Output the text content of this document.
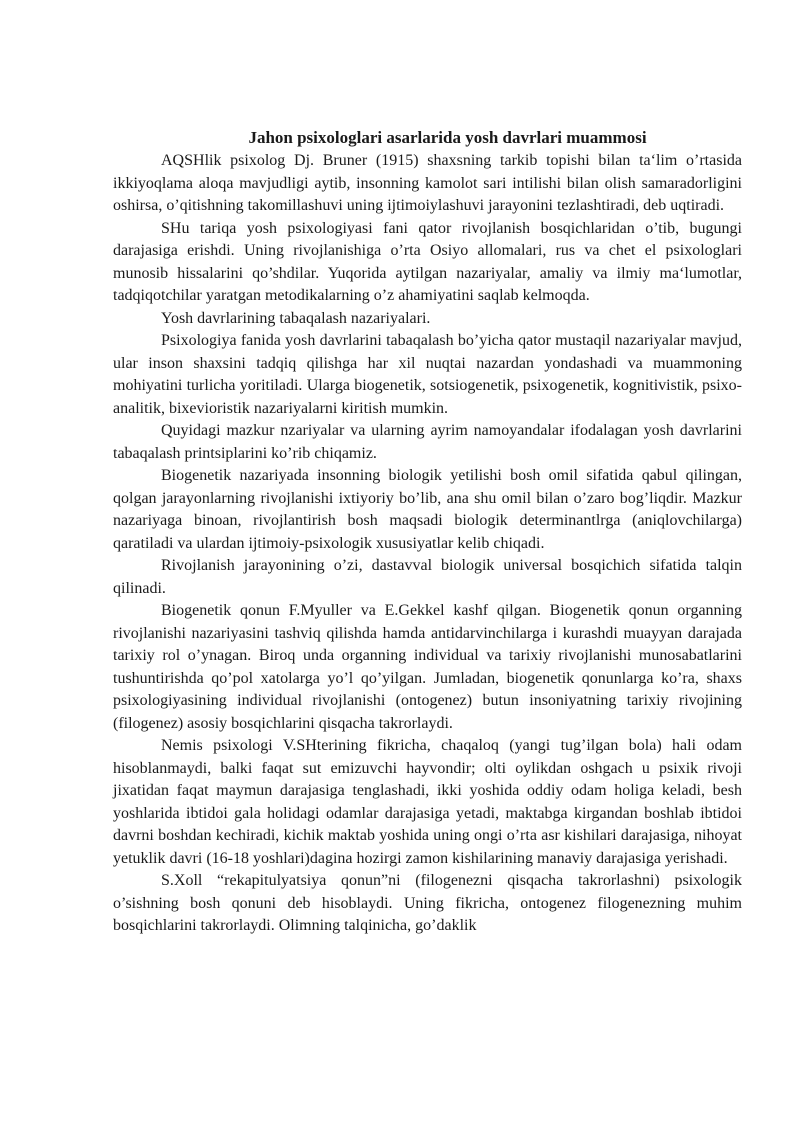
Jahon psixologlari asarlarida yosh davrlari muammosi

AQSHlik psixolog Dj. Bruner (1915) shaxsning tarkib topishi bilan ta‘lim o’rtasida ikkiyoqlama aloqa mavjudligi aytib, insonning kamolot sari intilishi bilan olish samaradorligini oshirsa, o’qitishning takomillashuvi uning ijtimoiylashuvi jarayonini tezlashtiradi, deb uqtiradi.

SHu tariqa yosh psixologiyasi fani qator rivojlanish bosqichlaridan o’tib, bugungi darajasiga erishdi. Uning rivojlanishiga o’rta Osiyo allomalari, rus va chet el psixologlari munosib hissalarini qo’shdilar. Yuqorida aytilgan nazariyalar, amaliy va ilmiy ma‘lumotlar, tadqiqotchilar yaratgan metodikalarning o’z ahamiyatini saqlab kelmoqda.

Yosh davrlarining tabaqalash nazariyalari.

Psixologiya fanida yosh davrlarini tabaqalash bo’yicha qator mustaqil nazariyalar mavjud, ular inson shaxsini tadqiq qilishga har xil nuqtai nazardan yondashadi va muammoning mohiyatini turlicha yoritiladi. Ularga biogenetik, sotsiogenetik, psixogenetik, kognitivistik, psixo-analitik, bixevioristik nazariyalarni kiritish mumkin.

Quyidagi mazkur nzariyalar va ularning ayrim namoyandalar ifodalagan yosh davrlarini tabaqalash printsiplarini ko’rib chiqamiz.

Biogenetik nazariyada insonning biologik yetilishi bosh omil sifatida qabul qilingan, qolgan jarayonlarning rivojlanishi ixtiyoriy bo’lib, ana shu omil bilan o’zaro bog’liqdir. Mazkur nazariyaga binoan, rivojlantirish bosh maqsadi biologik determinantlrga (aniqlovchilarga) qaratiladi va ulardan ijtimoiy-psixologik xususiyatlar kelib chiqadi.

Rivojlanish jarayonining o’zi, dastavval biologik universal bosqichich sifatida talqin qilinadi.

Biogenetik qonun F.Myuller va E.Gekkel kashf qilgan. Biogenetik qonun organning rivojlanishi nazariyasini tashviq qilishda hamda antidarvinchilarga i kurashdi muayyan darajada tarixiy rol o’ynagan. Biroq unda organning individual va tarixiy rivojlanishi munosabatlarini tushuntirishda qo’pol xatolarga yo’l qo’yilgan. Jumladan, biogenetik qonunlarga ko’ra, shaxs psixologiyasining individual rivojlanishi (ontogenez) butun insoniyatning tarixiy rivojining (filogenez) asosiy bosqichlarini qisqacha takrorlaydi.

Nemis psixologi V.SHterining fikricha, chaqaloq (yangi tug’ilgan bola) hali odam hisoblanmaydi, balki faqat sut emizuvchi hayvondir; olti oylikdan oshgach u psixik rivoji jixatidan faqat maymun darajasiga tenglashadi, ikki yoshida oddiy odam holiga keladi, besh yoshlarida ibtidoi gala holidagi odamlar darajasiga yetadi, maktabga kirgandan boshlab ibtidoi davrni boshdan kechiradi, kichik maktab yoshida uning ongi o’rta asr kishilari darajasiga, nihoyat yetuklik davri (16-18 yoshlari)dagina hozirgi zamon kishilarining manaviy darajasiga yerishadi.

S.Xoll “rekapitulyatsiya qonun”ni (filogenezni qisqacha takrorlashni) psixologik o’sishning bosh qonuni deb hisoblaydi. Uning fikricha, ontogenez filogenezning muhim bosqichlarini takrorlaydi. Olimning talqinicha, go’daklik
